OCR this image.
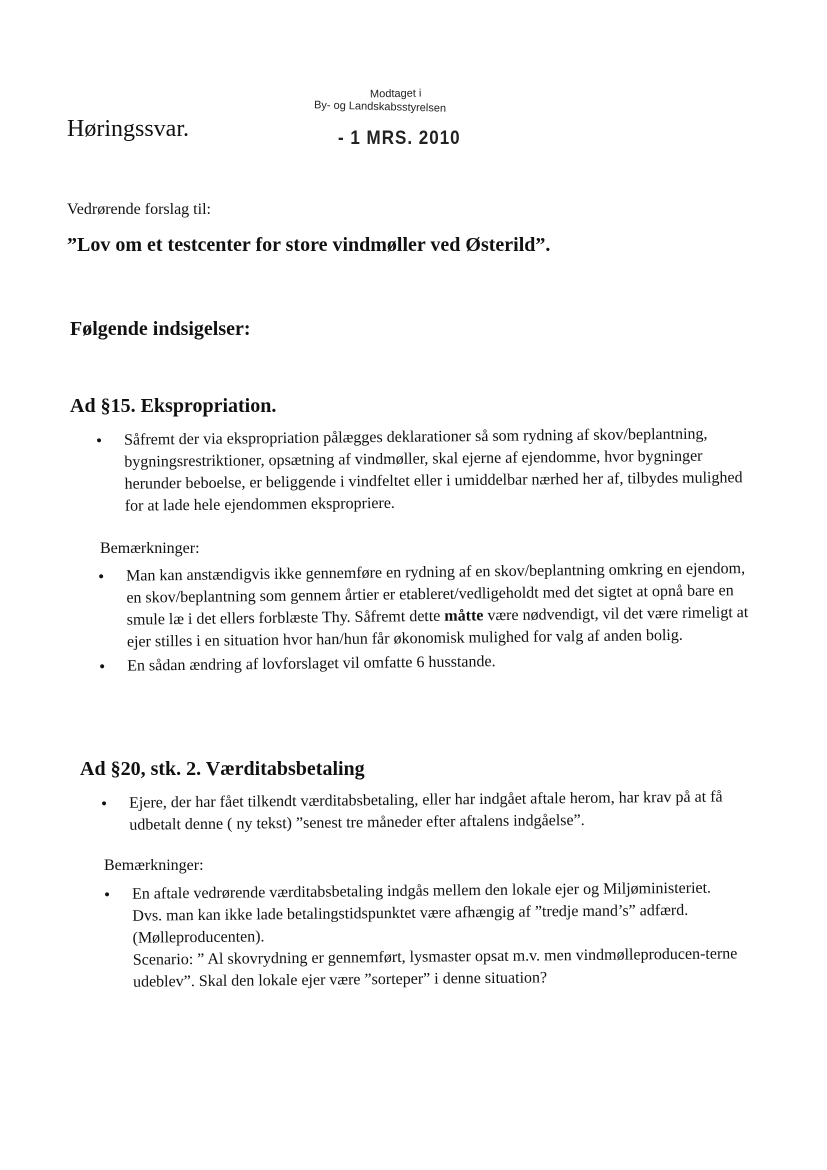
Modtaget i
By- og Landskabsstyrelsen
- 1 MRS. 2010
Høringssvar.
Vedrørende forslag til:
”Lov om et testcenter for store vindmøller ved Østerild”.
Følgende indsigelser:
Ad §15. Ekspropriation.
• Såfremt der via ekspropriation pålægges deklarationer så som rydning af skov/beplantning, bygningsrestriktioner, opsætning af vindmøller, skal ejerne af ejendomme, hvor bygninger herunder beboelse, er beliggende i vindfeltet eller i umiddelbar nærhed her af, tilbydes mulighed for at lade hele ejendommen ekspropriere.
Bemærkninger:
• Man kan anstændigvis ikke gennemføre en rydning af en skov/beplantning omkring en ejendom, en skov/beplantning som gennem årtier er etableret/vedligeholdt med det sigtet at opnå bare en smule læ i det ellers forblæste Thy. Såfremt dette måtte være nødvendigt, vil det være rimeligt at ejer stilles i en situation hvor han/hun får økonomisk mulighed for valg af anden bolig.
• En sådan ændring af lovforslaget vil omfatte 6 husstande.
Ad §20, stk. 2. Værditabsbetaling
• Ejere, der har fået tilkendt værditabsbetaling, eller har indgået aftale herom, har krav på at få udbetalt denne ( ny tekst) ”senest tre måneder efter aftalens indgåelse”.
Bemærkninger:
• En aftale vedrørende værditabsbetaling indgås mellem den lokale ejer og Miljøministeriet.
Dvs. man kan ikke lade betalingstidspunktet være afhængig af ”tredje mand’s” adfærd.
(Mølleproducenten).
Scenario: ” Al skovrydning er gennemført, lysmaster opsat m.v. men vindmølleproducen-terne udeblev”. Skal den lokale ejer være ”sorteper” i denne situation?
